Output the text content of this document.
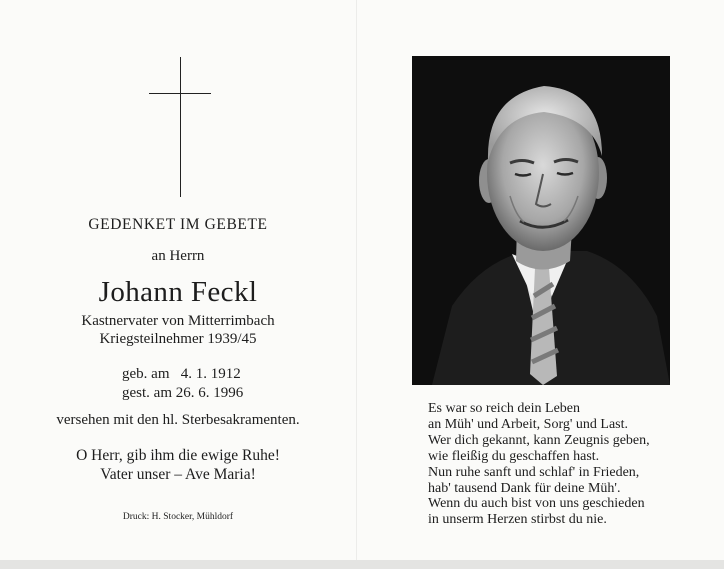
GEDENKET IM GEBETE
an Herrn
Johann Feckl
Kastnervater von Mitterrimbach
Kriegsteilnehmer 1939/45
geb. am 4. 1. 1912
gest. am 26. 6. 1996
versehen mit den hl. Sterbesakramenten.
O Herr, gib ihm die ewige Ruhe!
Vater unser – Ave Maria!
Druck: H. Stocker, Mühldorf
Es war so reich dein Leben
an Müh' und Arbeit, Sorg' und Last.
Wer dich gekannt, kann Zeugnis geben,
wie fleißig du geschaffen hast.
Nun ruhe sanft und schlaf' in Frieden,
hab' tausend Dank für deine Müh'.
Wenn du auch bist von uns geschieden
in unserm Herzen stirbst du nie.
